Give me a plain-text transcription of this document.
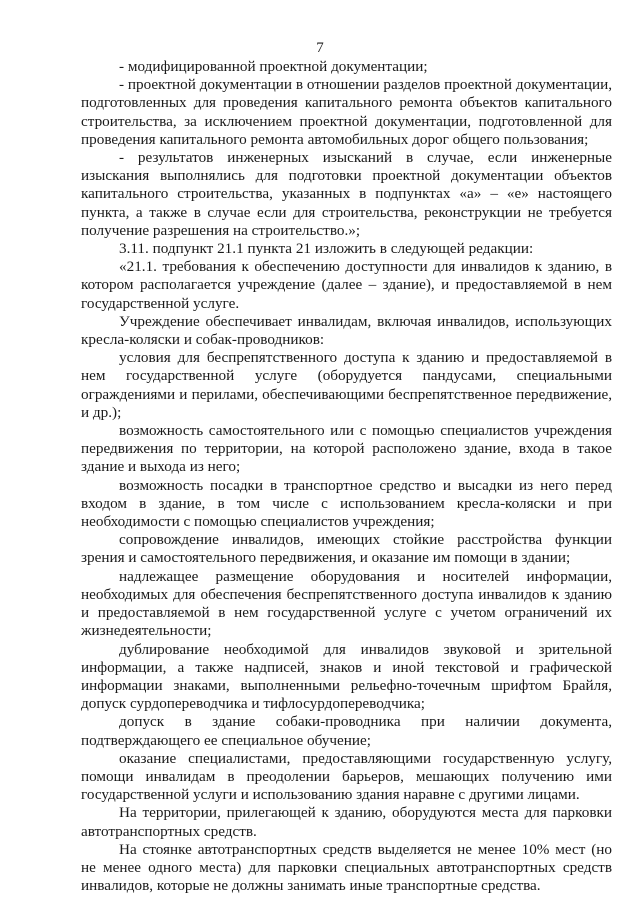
7

- модифицированной проектной документации;

- проектной документации в отношении разделов проектной документации, подготовленных для проведения капитального ремонта объектов капитального строительства, за исключением проектной документации, подготовленной для проведения капитального ремонта автомобильных дорог общего пользования;

- результатов инженерных изысканий в случае, если инженерные изыскания выполнялись для подготовки проектной документации объектов капитального строительства, указанных в подпунктах «а» – «е» настоящего пункта, а также в случае если для строительства, реконструкции не требуется получение разрешения на строительство.»;

3.11. подпункт 21.1 пункта 21 изложить в следующей редакции:

«21.1. требования к обеспечению доступности для инвалидов к зданию, в котором располагается учреждение (далее – здание), и предоставляемой в нем государственной услуге.

Учреждение обеспечивает инвалидам, включая инвалидов, использующих кресла-коляски и собак-проводников:

условия для беспрепятственного доступа к зданию и предоставляемой в нем государственной услуге (оборудуется пандусами, специальными ограждениями и перилами, обеспечивающими беспрепятственное передвижение, и др.);

возможность самостоятельного или с помощью специалистов учреждения передвижения по территории, на которой расположено здание, входа в такое здание и выхода из него;

возможность посадки в транспортное средство и высадки из него перед входом в здание, в том числе с использованием кресла-коляски и при необходимости с помощью специалистов учреждения;

сопровождение инвалидов, имеющих стойкие расстройства функции зрения и самостоятельного передвижения, и оказание им помощи в здании;

надлежащее размещение оборудования и носителей информации, необходимых для обеспечения беспрепятственного доступа инвалидов к зданию и предоставляемой в нем государственной услуге с учетом ограничений их жизнедеятельности;

дублирование необходимой для инвалидов звуковой и зрительной информации, а также надписей, знаков и иной текстовой и графической информации знаками, выполненными рельефно-точечным шрифтом Брайля, допуск сурдопереводчика и тифлосурдопереводчика;

допуск в здание собаки-проводника при наличии документа, подтверждающего ее специальное обучение;

оказание специалистами, предоставляющими государственную услугу, помощи инвалидам в преодолении барьеров, мешающих получению ими государственной услуги и использованию здания наравне с другими лицами.

На территории, прилегающей к зданию, оборудуются места для парковки автотранспортных средств.

На стоянке автотранспортных средств выделяется не менее 10% мест (но не менее одного места) для парковки специальных автотранспортных средств инвалидов, которые не должны занимать иные транспортные средства.
